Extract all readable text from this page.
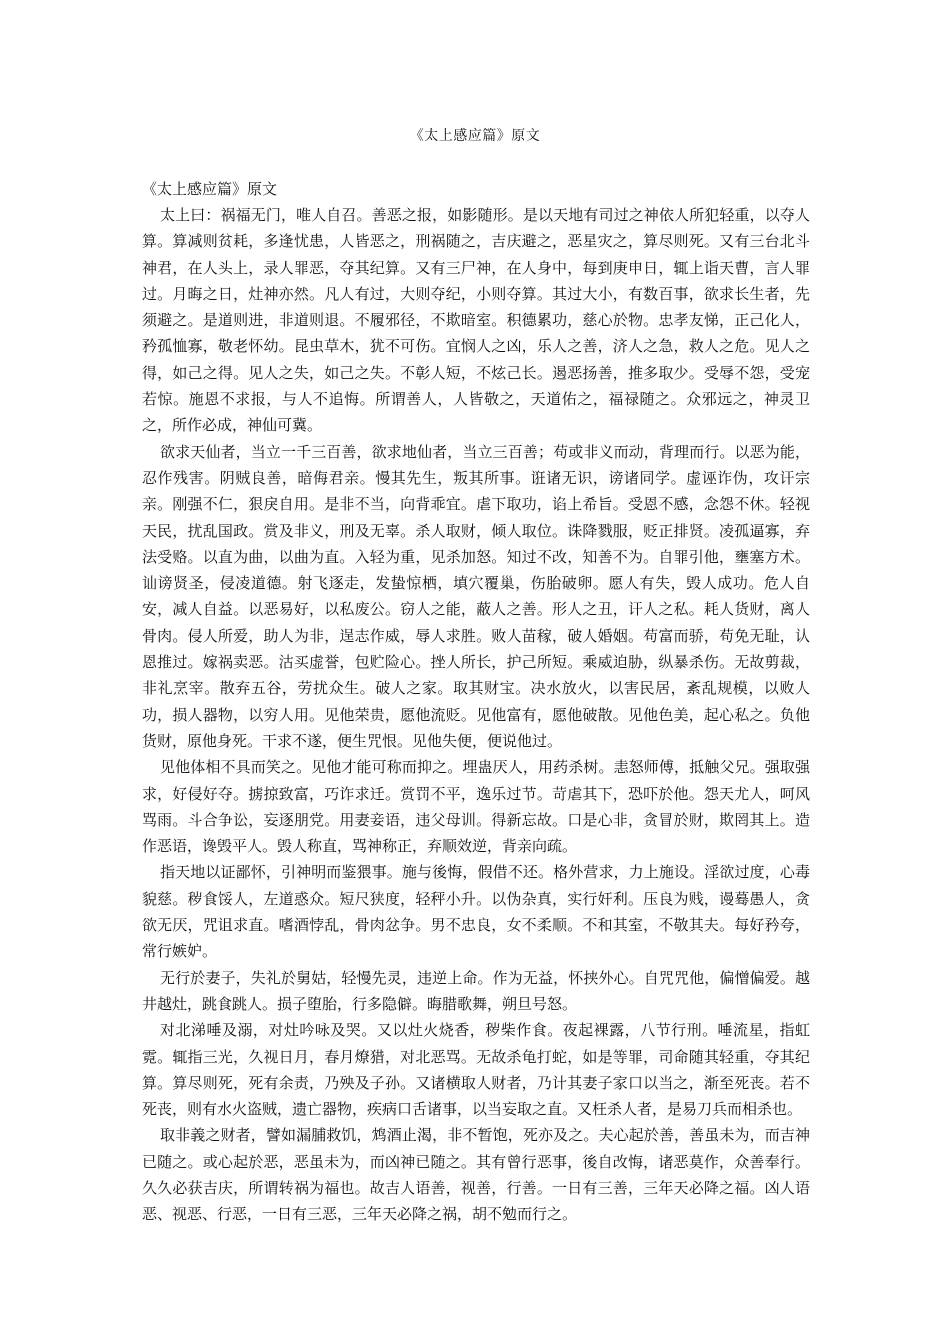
《太上感应篇》原文

《太上感应篇》原文

太上曰：祸福无门，唯人自召。善恶之报，如影随形。是以天地有司过之神依人所犯轻重，以夺人算。算减则贫耗，多逢忧患，人皆恶之，刑祸随之，吉庆避之，恶星灾之，算尽则死。又有三台北斗神君，在人头上，录人罪恶，夺其纪算。又有三尸神，在人身中，每到庚申日，辄上诣天曹，言人罪过。月晦之日，灶神亦然。凡人有过，大则夺纪，小则夺算。其过大小，有数百事，欲求长生者，先须避之。是道则进，非道则退。不履邪径，不欺暗室。积德累功，慈心於物。忠孝友悌，正己化人，矜孤恤寡，敬老怀幼。昆虫草木，犹不可伤。宜悯人之凶，乐人之善，济人之急，救人之危。见人之得，如己之得。见人之失，如己之失。不彰人短，不炫己长。遏恶扬善，推多取少。受辱不怨，受宠若惊。施恩不求报，与人不追悔。所谓善人，人皆敬之，天道佑之，福禄随之。众邪远之，神灵卫之，所作必成，神仙可冀。

欲求天仙者，当立一千三百善，欲求地仙者，当立三百善；苟或非义而动，背理而行。以恶为能，忍作残害。阴贼良善，暗侮君亲。慢其先生，叛其所事。诳诸无识，谤诸同学。虚诬诈伪，攻讦宗亲。刚强不仁，狠戾自用。是非不当，向背乖宜。虐下取功，谄上希旨。受恩不感，念怨不休。轻视天民，扰乱国政。赏及非义，刑及无辜。杀人取财，倾人取位。诛降戮服，贬正排贤。凌孤逼寡，弃法受赂。以直为曲，以曲为直。入轻为重，见杀加怒。知过不改，知善不为。自罪引他，壅塞方术。讪谤贤圣，侵凌道德。射飞逐走，发蛰惊栖，填穴覆巢，伤胎破卵。愿人有失，毁人成功。危人自安，减人自益。以恶易好，以私废公。窃人之能，蔽人之善。形人之丑，讦人之私。耗人货财，离人骨肉。侵人所爱，助人为非，逞志作威，辱人求胜。败人苗稼，破人婚姻。苟富而骄，苟免无耻，认恩推过。嫁祸卖恶。沽买虚誉，包贮险心。挫人所长，护己所短。乘威迫胁，纵暴杀伤。无故剪裁，非礼烹宰。散弃五谷，劳扰众生。破人之家。取其财宝。决水放火，以害民居，紊乱规模，以败人功，损人器物，以穷人用。见他荣贵，愿他流贬。见他富有，愿他破散。见他色美，起心私之。负他货财，原他身死。干求不遂，便生咒恨。见他失便，便说他过。

见他体相不具而笑之。见他才能可称而抑之。埋蛊厌人，用药杀树。恚怒师傅，抵触父兄。强取强求，好侵好夺。掳掠致富，巧诈求迁。赏罚不平，逸乐过节。苛虐其下，恐吓於他。怨天尤人，呵风骂雨。斗合争讼，妄逐朋党。用妻妾语，违父母训。得新忘故。口是心非，贪冒於财，欺罔其上。造作恶语，谗毁平人。毁人称直，骂神称正，弃顺效逆，背亲向疏。

指天地以证鄙怀，引神明而鉴猥事。施与後悔，假借不还。格外营求，力上施设。淫欲过度，心毒貌慈。秽食馁人，左道惑众。短尺狭度，轻秤小升。以伪杂真，实行奸利。压良为贱，谩蓦愚人，贪欲无厌，咒诅求直。嗜酒悖乱，骨肉忿争。男不忠良，女不柔顺。不和其室，不敬其夫。每好矜夸，常行嫉妒。

无行於妻子，失礼於舅姑，轻慢先灵，违逆上命。作为无益，怀挟外心。自咒咒他，偏憎偏爱。越井越灶，跳食跳人。损子堕胎，行多隐僻。晦腊歌舞，朔旦号怒。

对北涕唾及溺，对灶吟咏及哭。又以灶火烧香，秽柴作食。夜起裸露，八节行刑。唾流星，指虹霓。辄指三光，久视日月，春月燎猎，对北恶骂。无故杀龟打蛇，如是等罪，司命随其轻重，夺其纪算。算尽则死，死有余责，乃殃及子孙。又诸横取人财者，乃计其妻子家口以当之，渐至死丧。若不死丧，则有水火盗贼，遗亡器物，疾病口舌诸事，以当妄取之直。又枉杀人者，是易刀兵而相杀也。

取非義之财者，譬如漏脯救饥，鸩酒止渴，非不暂饱，死亦及之。夫心起於善，善虽未为，而吉神已随之。或心起於恶，恶虽未为，而凶神已随之。其有曾行恶事，後自改悔，诸恶莫作，众善奉行。久久必获吉庆，所谓转祸为福也。故吉人语善，视善，行善。一日有三善，三年天必降之福。凶人语恶、视恶、行恶，一日有三恶，三年天必降之祸，胡不勉而行之。
